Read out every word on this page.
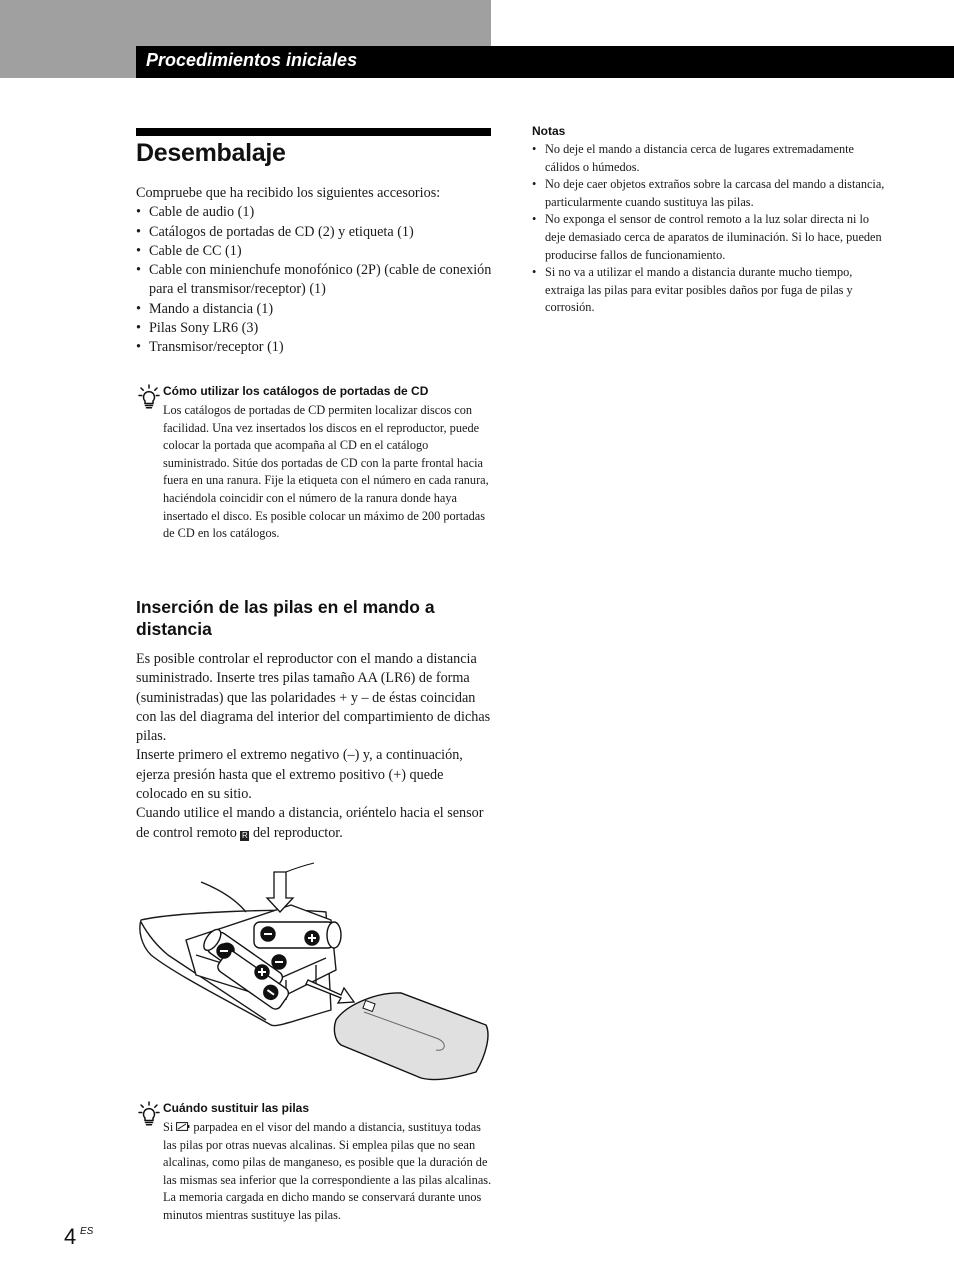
Procedimientos iniciales
Desembalaje
Compruebe que ha recibido los siguientes accesorios:
• Cable de audio (1)
• Catálogos de portadas de CD (2) y etiqueta (1)
• Cable de CC (1)
• Cable con minienchufe monofónico (2P) (cable de conexión para el transmisor/receptor) (1)
• Mando a distancia (1)
• Pilas Sony LR6 (3)
• Transmisor/receptor (1)
Cómo utilizar los catálogos de portadas de CD
Los catálogos de portadas de CD permiten localizar discos con facilidad. Una vez insertados los discos en el reproductor, puede colocar la portada que acompaña al CD en el catálogo suministrado. Sitúe dos portadas de CD con la parte frontal hacia fuera en una ranura. Fije la etiqueta con el número en cada ranura, haciéndola coincidir con el número de la ranura donde haya insertado el disco. Es posible colocar un máximo de 200 portadas de CD en los catálogos.
Inserción de las pilas en el mando a distancia
Es posible controlar el reproductor con el mando a distancia suministrado. Inserte tres pilas tamaño AA (LR6) de forma (suministradas) que las polaridades + y – de éstas coincidan con las del diagrama del interior del compartimiento de dichas pilas.
Inserte primero el extremo negativo (–) y, a continuación, ejerza presión hasta que el extremo positivo (+) quede colocado en su sitio.
Cuando utilice el mando a distancia, oriéntelo hacia el sensor de control remoto R del reproductor.
Cuándo sustituir las pilas
Si  parpadea en el visor del mando a distancia, sustituya todas las pilas por otras nuevas alcalinas. Si emplea pilas que no sean alcalinas, como pilas de manganeso, es posible que la duración de las mismas sea inferior que la correspondiente a las pilas alcalinas.
La memoria cargada en dicho mando se conservará durante unos minutos mientras sustituye las pilas.
Notas
• No deje el mando a distancia cerca de lugares extremadamente cálidos o húmedos.
• No deje caer objetos extraños sobre la carcasa del mando a distancia, particularmente cuando sustituya las pilas.
• No exponga el sensor de control remoto a la luz solar directa ni lo deje demasiado cerca de aparatos de iluminación. Si lo hace, pueden producirse fallos de funcionamiento.
• Si no va a utilizar el mando a distancia durante mucho tiempo, extraiga las pilas para evitar posibles daños por fuga de pilas y corrosión.
4 ES
